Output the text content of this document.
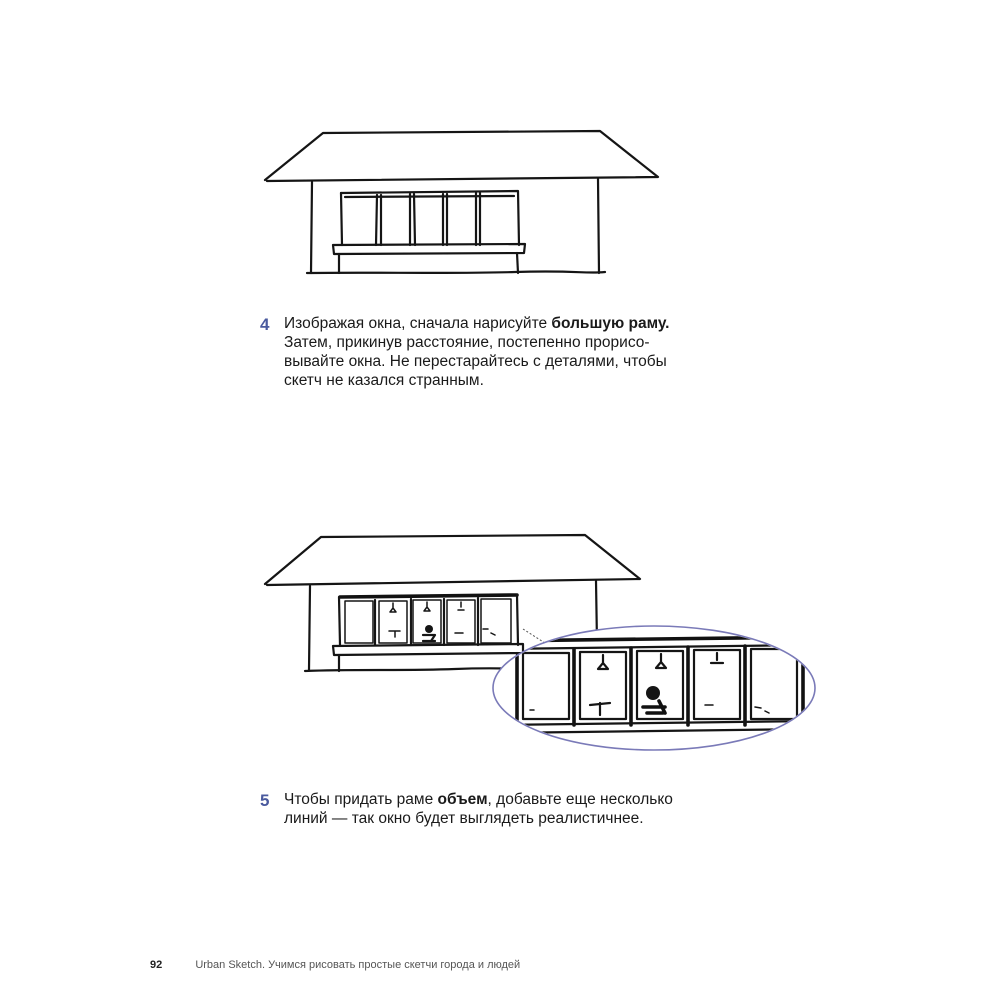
4 Изображая окна, сначала нарисуйте большую раму.
Затем, прикинув расстояние, постепенно прорисо-
вывайте окна. Не перестарайтесь с деталями, чтобы
скетч не казался странным.
5 Чтобы придать раме объем, добавьте еще несколько
линий — так окно будет выглядеть реалистичнее.
92	Urban Sketch. Учимся рисовать простые скетчи города и людей
